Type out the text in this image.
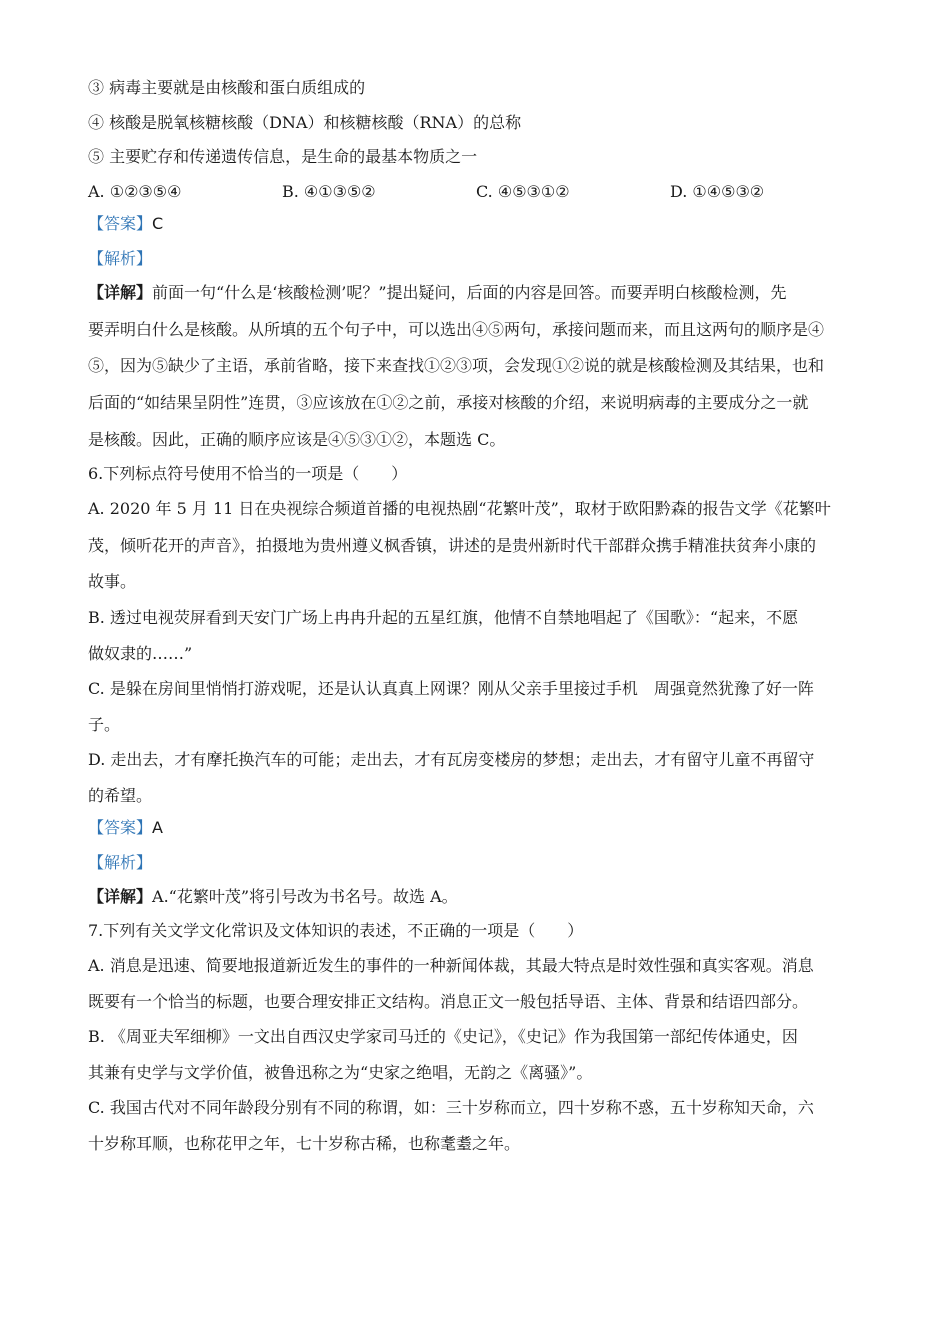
③ 病毒主要就是由核酸和蛋白质组成的
④ 核酸是脱氧核糖核酸（DNA）和核糖核酸（RNA）的总称
⑤ 主要贮存和传递遗传信息，是生命的最基本物质之一
A. ①②③⑤④	B. ④①③⑤②	C. ④⑤③①②	D. ①④⑤③②
【答案】C
【解析】
【详解】前面一句“什么是‘核酸检测’呢？”提出疑问，后面的内容是回答。而要弄明白核酸检测，先
要弄明白什么是核酸。从所填的五个句子中，可以选出④⑤两句，承接问题而来，而且这两句的顺序是④
⑤，因为⑤缺少了主语，承前省略，接下来查找①②③项，会发现①②说的就是核酸检测及其结果，也和
后面的“如结果呈阴性”连贯，③应该放在①②之前，承接对核酸的介绍，来说明病毒的主要成分之一就
是核酸。因此，正确的顺序应该是④⑤③①②，本题选 C。
6.下列标点符号使用不恰当的一项是（　　）
A. 2020 年 5 月 11 日在央视综合频道首播的电视热剧“花繁叶茂”，取材于欧阳黔森的报告文学《花繁叶
茂，倾听花开的声音》，拍摄地为贵州遵义枫香镇，讲述的是贵州新时代干部群众携手精准扶贫奔小康的
故事。
B. 透过电视荧屏看到天安门广场上冉冉升起的五星红旗，他情不自禁地唱起了《国歌》：“起来，不愿
做奴隶的……”
C. 是躲在房间里悄悄打游戏呢，还是认认真真上网课？刚从父亲手里接过手机　周强竟然犹豫了好一阵
子。
D. 走出去，才有摩托换汽车的可能；走出去，才有瓦房变楼房的梦想；走出去，才有留守儿童不再留守
的希望。
【答案】A
【解析】
【详解】A.“花繁叶茂”将引号改为书名号。故选 A。
7.下列有关文学文化常识及文体知识的表述，不正确的一项是（　　）
A. 消息是迅速、简要地报道新近发生的事件的一种新闻体裁，其最大特点是时效性强和真实客观。消息
既要有一个恰当的标题，也要合理安排正文结构。消息正文一般包括导语、主体、背景和结语四部分。
B. 《周亚夫军细柳》一文出自西汉史学家司马迁的《史记》，《史记》作为我国第一部纪传体通史，因
其兼有史学与文学价值，被鲁迅称之为“史家之绝唱，无韵之《离骚》”。
C. 我国古代对不同年龄段分别有不同的称谓，如：三十岁称而立，四十岁称不惑，五十岁称知天命，六
十岁称耳顺，也称花甲之年，七十岁称古稀，也称耄耋之年。
